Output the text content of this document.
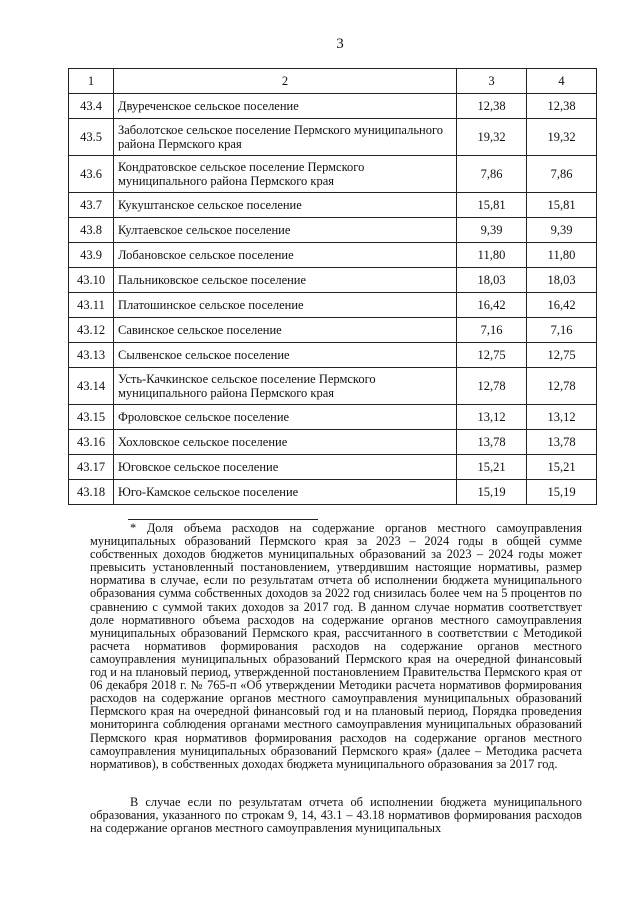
3
1	2	3	4
43.4	Двуреченское сельское поселение	12,38	12,38
43.5	Заболотское сельское поселение Пермского муниципального района Пермского края	19,32	19,32
43.6	Кондратовское сельское поселение Пермского муниципального района Пермского края	7,86	7,86
43.7	Кукуштанское сельское поселение	15,81	15,81
43.8	Култаевское сельское поселение	9,39	9,39
43.9	Лобановское сельское поселение	11,80	11,80
43.10	Пальниковское сельское поселение	18,03	18,03
43.11	Платошинское сельское поселение	16,42	16,42
43.12	Савинское сельское поселение	7,16	7,16
43.13	Сылвенское сельское поселение	12,75	12,75
43.14	Усть-Качкинское сельское поселение Пермского муниципального района Пермского края	12,78	12,78
43.15	Фроловское сельское поселение	13,12	13,12
43.16	Хохловское сельское поселение	13,78	13,78
43.17	Юговское сельское поселение	15,21	15,21
43.18	Юго-Камское сельское поселение	15,19	15,19

* Доля объема расходов на содержание органов местного самоуправления муниципальных образований Пермского края за 2023 – 2024 годы в общей сумме собственных доходов бюджетов муниципальных образований за 2023 – 2024 годы может превысить установленный постановлением, утвердившим настоящие нормативы, размер норматива в случае, если по результатам отчета об исполнении бюджета муниципального образования сумма собственных доходов за 2022 год снизилась более чем на 5 процентов по сравнению с суммой таких доходов за 2017 год. В данном случае норматив соответствует доле нормативного объема расходов на содержание органов местного самоуправления муниципальных образований Пермского края, рассчитанного в соответствии с Методикой расчета нормативов формирования расходов на содержание органов местного самоуправления муниципальных образований Пермского края на очередной финансовый год и на плановый период, утвержденной постановлением Правительства Пермского края от 06 декабря 2018 г. № 765-п «Об утверждении Методики расчета нормативов формирования расходов на содержание органов местного самоуправления муниципальных образований Пермского края на очередной финансовый год и на плановый период, Порядка проведения мониторинга соблюдения органами местного самоуправления муниципальных образований Пермского края нормативов формирования расходов на содержание органов местного самоуправления муниципальных образований Пермского края» (далее – Методика расчета нормативов), в собственных доходах бюджета муниципального образования за 2017 год.

В случае если по результатам отчета об исполнении бюджета муниципального образования, указанного по строкам 9, 14, 43.1 – 43.18 нормативов формирования расходов на содержание органов местного самоуправления муниципальных
